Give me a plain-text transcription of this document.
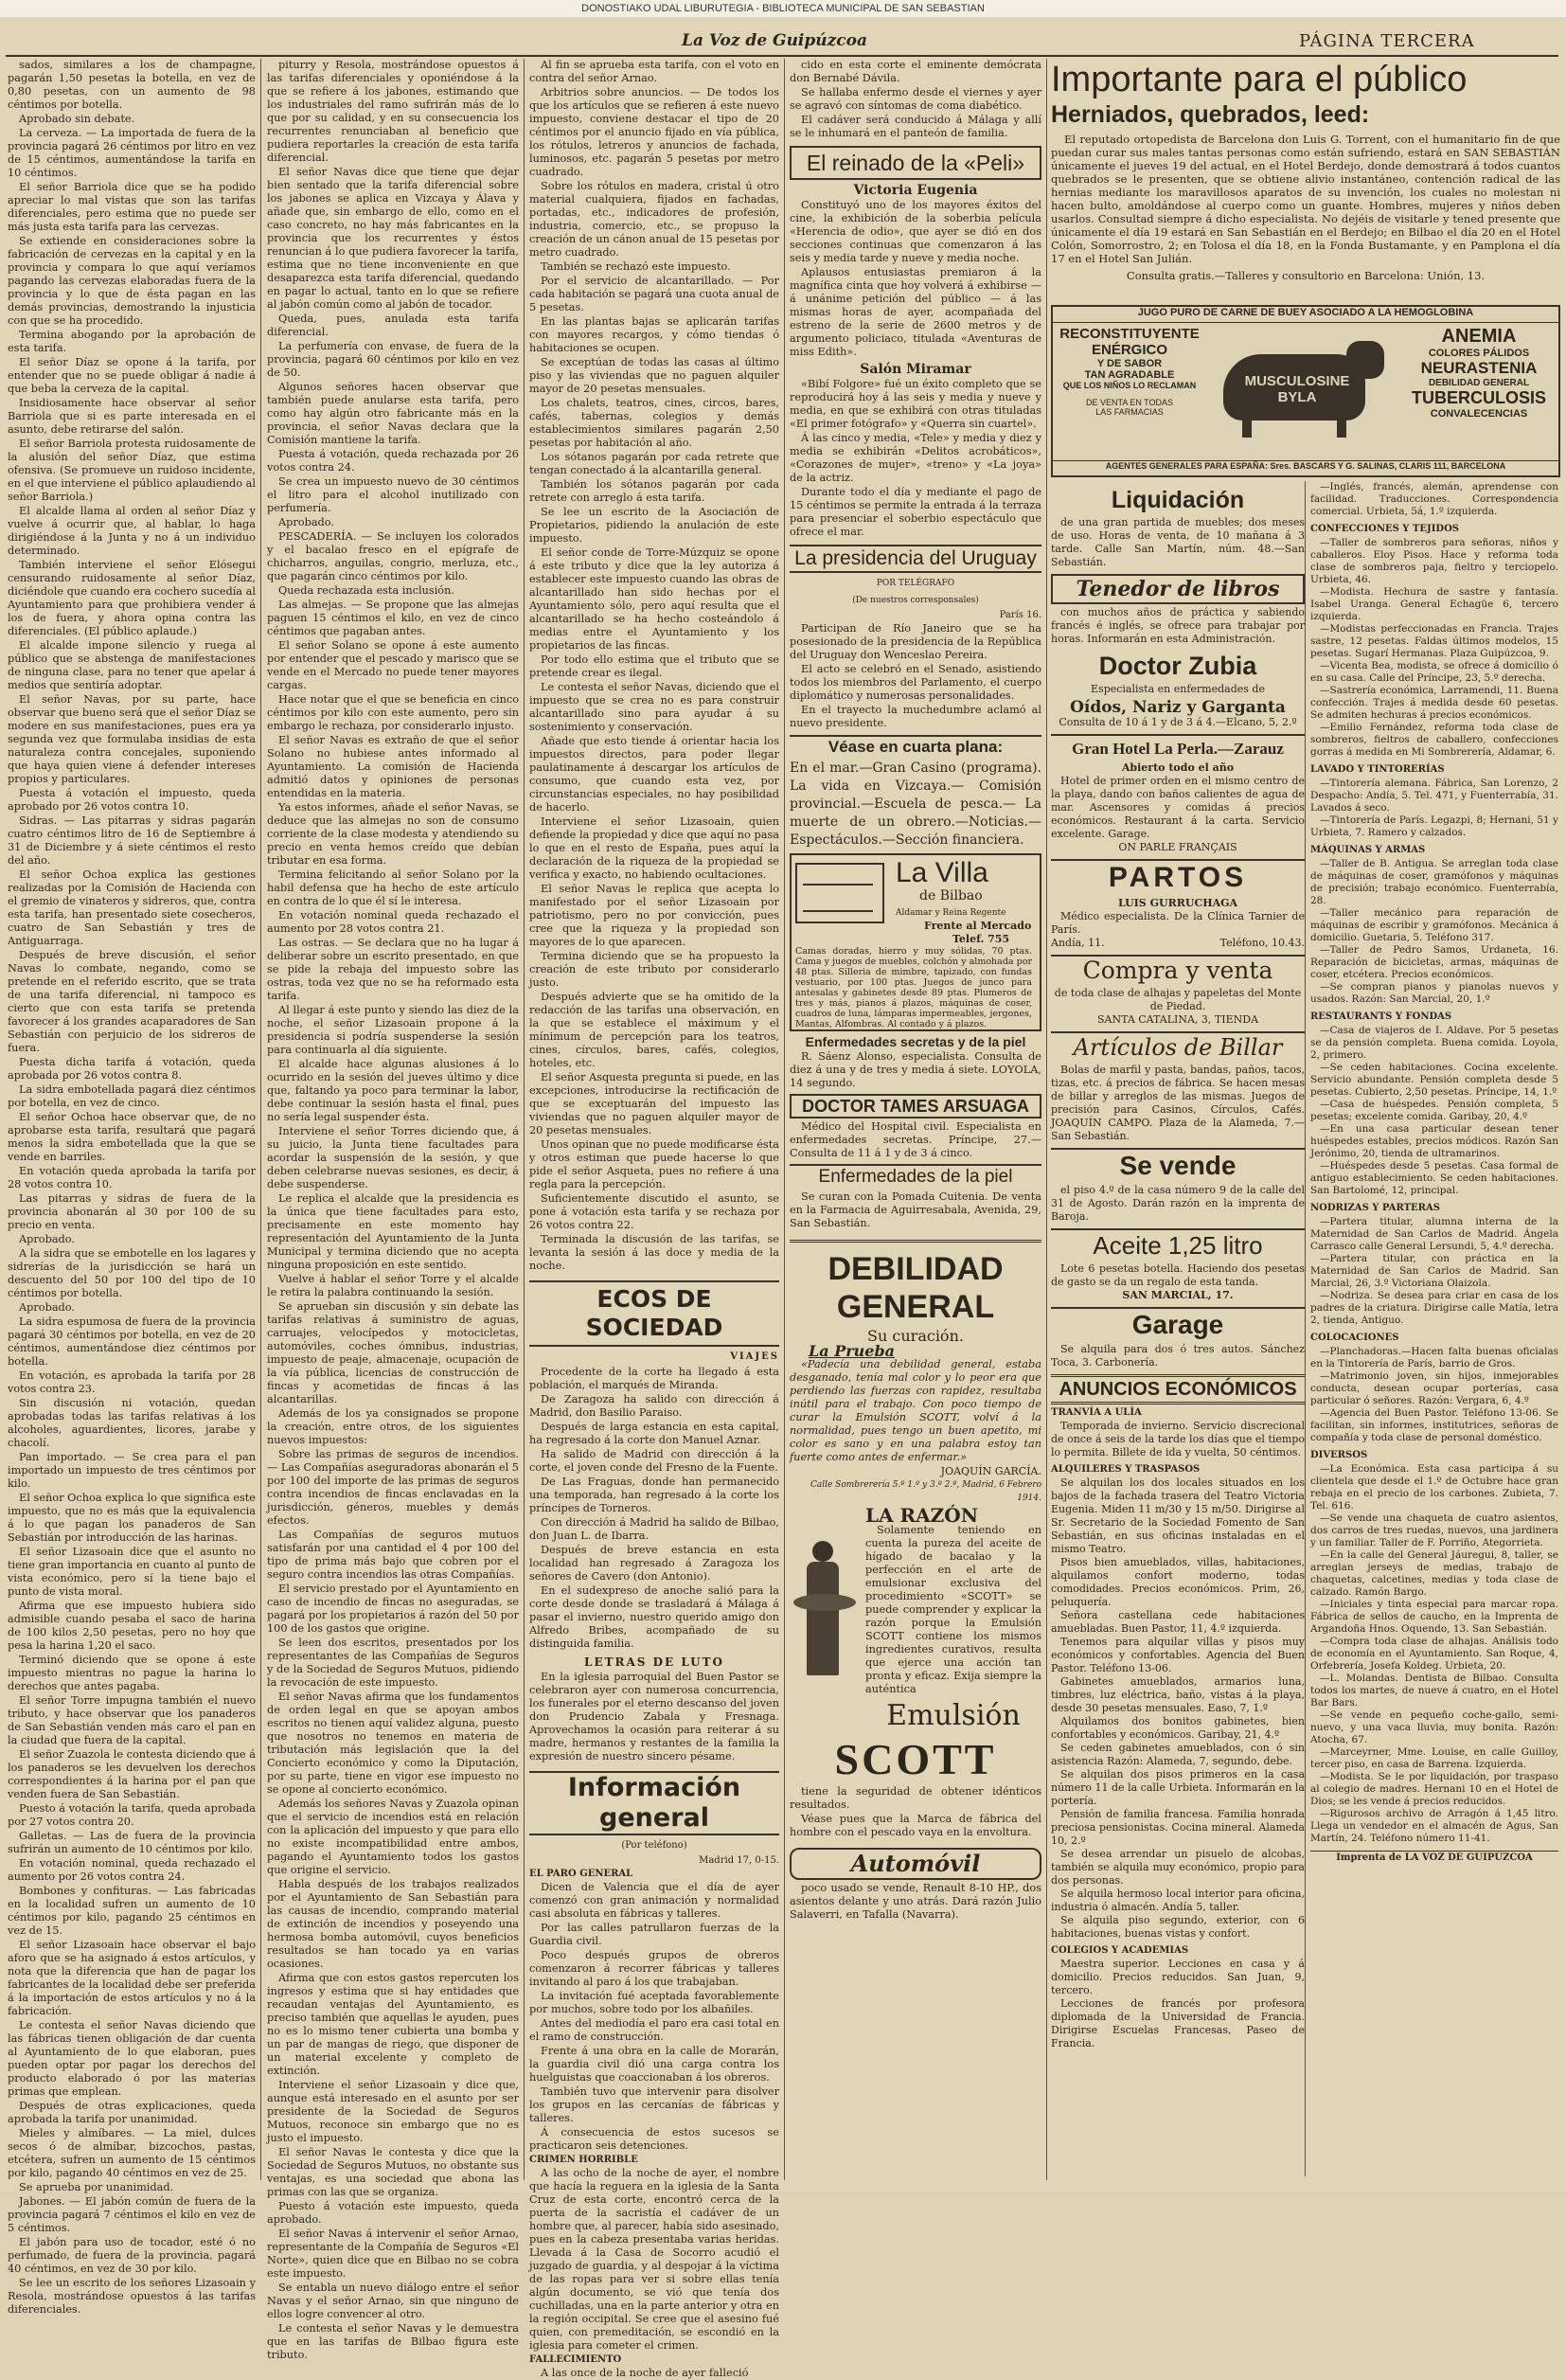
DONOSTIAKO UDAL LIBURUTEGIA - BIBLIOTECA MUNICIPAL DE SAN SEBASTIAN
La Voz de Guipúzcoa	PÁGINA TERCERA

sados, similares a los de champagne, pagarán 1,50 pesetas la botella, en vez de 0,80 pesetas, con un aumento de 98 céntimos por botella.

Aprobado sin debate.

La cerveza. — La importada de fuera de la provincia pagará 26 céntimos por litro en vez de 15 céntimos, aumentándose la tarifa en 10 céntimos.

El señor Barriola dice que se ha podido apreciar lo mal vistas que son las tarifas diferenciales, pero estima que no puede ser más justa esta tarifa para las cervezas.

Se extiende en consideraciones sobre la fabricación de cervezas en la capital y en la provincia y compara lo que aquí veríamos pagando las cervezas elaboradas fuera de la provincia y lo que de ésta pagan en las demás provincias, demostrando la injusticia con que se ha procedido.

Termina abogando por la aprobación de esta tarifa.

El señor Díaz se opone á la tarifa, por entender que no se puede obligar á nadie á que beba la cerveza de la capital.

Insidiosamente hace observar al señor Barriola que si es parte interesada en el asunto, debe retirarse del salón.

El señor Barriola protesta ruidosamente de la alusión del señor Díaz, que estima ofensiva. (Se promueve un ruidoso incidente, en el que interviene el público aplaudiendo al señor Barriola.)

El alcalde llama al orden al señor Díaz y vuelve á ocurrir que, al hablar, lo haga dirigiéndose á la Junta y no á un individuo determinado.

También interviene el señor Elósegui censurando ruidosamente al señor Díaz, diciéndole que cuando era cochero sucedía al Ayuntamiento para que prohibiera vender á los de fuera, y ahora opina contra las diferenciales. (El público aplaude.)

El alcalde impone silencio y ruega al público que se abstenga de manifestaciones de ninguna clase, para no tener que apelar á medios que sentiría adoptar.

El señor Navas, por su parte, hace observar que bueno será que el señor Díaz se modere en sus manifestaciones, pues era ya segunda vez que formulaba insidias de esta naturaleza contra concejales, suponiendo que haya quien viene á defender intereses propios y particulares.

Puesta á votación el impuesto, queda aprobado por 26 votos contra 10.

Sidras. — Las pitarras y sidras pagarán cuatro céntimos litro de 16 de Septiembre á 31 de Diciembre y á siete céntimos el resto del año.

El señor Ochoa explica las gestiones realizadas por la Comisión de Hacienda con el gremio de vinateros y sidreros, que, contra esta tarifa, han presentado siete cosecheros, cuatro de San Sebastián y tres de Antiguarraga.

Después de breve discusión, el señor Navas lo combate, negando, como se pretende en el referido escrito, que se trata de una tarifa diferencial, ni tampoco es cierto que con esta tarifa se pretenda favorecer á los grandes acaparadores de San Sebastián con perjuicio de los sidreros de fuera.

Puesta dicha tarifa á votación, queda aprobada por 26 votos contra 8.

La sidra embotellada pagará diez céntimos por botella, en vez de cinco.

El señor Ochoa hace observar que, de no aprobarse esta tarifa, resultará que pagará menos la sidra embotellada que la que se vende en barriles.

En votación queda aprobada la tarifa por 28 votos contra 10.

Las pitarras y sidras de fuera de la provincia abonarán al 30 por 100 de su precio en venta.

Aprobado.

A la sidra que se embotelle en los lagares y sidrerías de la jurisdicción se hará un descuento del 50 por 100 del tipo de 10 céntimos por botella.

Aprobado.

La sidra espumosa de fuera de la provincia pagará 30 céntimos por botella, en vez de 20 céntimos, aumentándose diez céntimos por botella.

En votación, es aprobada la tarifa por 28 votos contra 23.

Sin discusión ni votación, quedan aprobadas todas las tarifas relativas á los alcoholes, aguardientes, licores, jarabe y chacolí.

Pan importado. — Se crea para el pan importado un impuesto de tres céntimos por kilo.

El señor Ochoa explica lo que significa este impuesto, que no es más que la equivalencia á lo que pagan los panaderos de San Sebastián por introducción de las harinas.

El señor Lizasoain dice que el asunto no tiene gran importancia en cuanto al punto de vista económico, pero sí la tiene bajo el punto de vista moral.

Afirma que ese impuesto hubiera sido admisible cuando pesaba el saco de harina de 100 kilos 2,50 pesetas, pero no hoy que pesa la harina 1,20 el saco.

Terminó diciendo que se opone á este impuesto mientras no pague la harina lo derechos que antes pagaba.

El señor Torre impugna también el nuevo tributo, y hace observar que los panaderos de San Sebastián venden más caro el pan en la ciudad que fuera de la capital.

El señor Zuazola le contesta diciendo que á los panaderos se les devuelven los derechos correspondientes á la harina por el pan que venden fuera de San Sebastián.

Puesto á votación la tarifa, queda aprobada por 27 votos contra 20.

Galletas. — Las de fuera de la provincia sufrirán un aumento de 10 céntimos por kilo.

En votación nominal, queda rechazado el aumento por 26 votos contra 24.

Bombones y confituras. — Las fabricadas en la localidad sufren un aumento de 10 céntimos por kilo, pagando 25 céntimos en vez de 15.

El señor Lizasoain hace observar el bajo aforo que se ha asignado á estos artículos, y nota que la diferencia que han de pagar los fabricantes de la localidad debe ser preferida á la importación de estos artículos y no á la fabricación.

Le contesta el señor Navas diciendo que las fábricas tienen obligación de dar cuenta al Ayuntamiento de lo que elaboran, pues pueden optar por pagar los derechos del producto elaborado ó por las materias primas que emplean.

Después de otras explicaciones, queda aprobada la tarifa por unanimidad.

Mieles y almíbares. — La miel, dulces secos ó de almíbar, bizcochos, pastas, etcétera, sufren un aumento de 15 céntimos por kilo, pagando 40 céntimos en vez de 25.

Se aprueba por unanimidad.

Jabones. — El jabón común de fuera de la provincia pagará 7 céntimos el kilo en vez de 5 céntimos.

El jabón para uso de tocador, esté ó no perfumado, de fuera de la provincia, pagará 40 céntimos, en vez de 30 por kilo.

Se lee un escrito de los señores Lizasoain y Resola, mostrándose opuestos á las tarifas diferenciales.

piturry y Resola, mostrándose opuestos á las tarifas diferenciales y oponiéndose á la que se refiere á los jabones, estimando que los industriales del ramo sufrirán más de lo que por su calidad, y en su consecuencia los recurrentes renunciaban al beneficio que pudiera reportarles la creación de esta tarifa diferencial.

El señor Navas dice que tiene que dejar bien sentado que la tarifa diferencial sobre los jabones se aplica en Vizcaya y Álava y añade que, sin embargo de ello, como en el caso concreto, no hay más fabricantes en la provincia que los recurrentes y éstos renuncian á lo que pudiera favorecer la tarifa, estima que no tiene inconveniente en que desaparezca esta tarifa diferencial, quedando en pagar lo actual, tanto en lo que se refiere al jabón común como al jabón de tocador.

Queda, pues, anulada esta tarifa diferencial.

La perfumería con envase, de fuera de la provincia, pagará 60 céntimos por kilo en vez de 50.

Algunos señores hacen observar que también puede anularse esta tarifa, pero como hay algún otro fabricante más en la provincia, el señor Navas declara que la Comisión mantiene la tarifa.

Puesta á votación, queda rechazada por 26 votos contra 24.

Se crea un impuesto nuevo de 30 céntimos el litro para el alcohol inutilizado con perfumería.

Aprobado.

PESCADERÍA. — Se incluyen los colorados y el bacalao fresco en el epígrafe de chicharros, anguilas, congrio, merluza, etc., que pagarán cinco céntimos por kilo.

Queda rechazada esta inclusión.

Las almejas. — Se propone que las almejas paguen 15 céntimos el kilo, en vez de cinco céntimos que pagaban antes.

El señor Solano se opone á este aumento por entender que el pescado y marisco que se vende en el Mercado no puede tener mayores cargas.

Hace notar que el que se beneficia en cinco céntimos por kilo con este aumento, pero sin embargo le rechaza, por considerarlo injusto.

El señor Navas es extraño de que el señor Solano no hubiese antes informado al Ayuntamiento. La comisión de Hacienda admitió datos y opiniones de personas entendidas en la materia.

Ya estos informes, añade el señor Navas, se deduce que las almejas no son de consumo corriente de la clase modesta y atendiendo su precio en venta hemos creído que debían tributar en esa forma.

Termina felicitando al señor Solano por la habil defensa que ha hecho de este artículo en contra de lo que él sí le interesa.

En votación nominal queda rechazado el aumento por 28 votos contra 21.

Las ostras. — Se declara que no ha lugar á deliberar sobre un escrito presentado, en que se pide la rebaja del impuesto sobre las ostras, toda vez que no se ha reformado esta tarifa.

Al llegar á este punto y siendo las diez de la noche, el señor Lizasoain propone á la presidencia si podría suspenderse la sesión para continuarla al día siguiente.

El alcalde hace algunas alusiones á lo ocurrido en la sesión del jueves último y dice que, faltando ya poco para terminar la labor, debe continuar la sesión hasta el final, pues no sería legal suspender ésta.

Interviene el señor Torres diciendo que, á su juicio, la Junta tiene facultades para acordar la suspensión de la sesión, y que deben celebrarse nuevas sesiones, es decir, á debe suspenderse.

Le replica el alcalde que la presidencia es la única que tiene facultades para esto, precisamente en este momento hay representación del Ayuntamiento de la Junta Municipal y termina diciendo que no acepta ninguna proposición en este sentido.

Vuelve á hablar el señor Torre y el alcalde le retira la palabra continuando la sesión.

Se aprueban sin discusión y sin debate las tarifas relativas á suministro de aguas, carruajes, velocípedos y motocicletas, automóviles, coches ómnibus, industrias, impuesto de peaje, almacenaje, ocupación de la vía pública, licencias de construcción de fincas y acometidas de fincas á las alcantarillas.

Además de los ya consignados se propone la creación, entre otros, de los siguientes nuevos impuestos:

Sobre las primas de seguros de incendios. — Las Compañías aseguradoras abonarán el 5 por 100 del importe de las primas de seguros contra incendios de fincas enclavadas en la jurisdicción, géneros, muebles y demás efectos.

Las Compañías de seguros mutuos satisfarán por una cantidad el 4 por 100 del tipo de prima más bajo que cobren por el seguro contra incendios las otras Compañías.

El servicio prestado por el Ayuntamiento en caso de incendio de fincas no aseguradas, se pagará por los propietarios á razón del 50 por 100 de los gastos que origine.

Se leen dos escritos, presentados por los representantes de las Compañías de Seguros y de la Sociedad de Seguros Mutuos, pidiendo la revocación de este impuesto.

El señor Navas afirma que los fundamentos de orden legal en que se apoyan ambos escritos no tienen aquí validez alguna, puesto que nosotros no tenemos en materia de tributación más legislación que la del Concierto económico y como la Diputación, por su parte, tiene en vigor ese impuesto no se opone al concierto económico.

Además los señores Navas y Zuazola opinan que el servicio de incendios está en relación con la aplicación del impuesto y que para ello no existe incompatibilidad entre ambos, pagando el Ayuntamiento todos los gastos que origine el servicio.

Habla después de los trabajos realizados por el Ayuntamiento de San Sebastián para las causas de incendio, comprando material de extinción de incendios y poseyendo una hermosa bomba automóvil, cuyos beneficios resultados se han tocado ya en varias ocasiones.

Afirma que con estos gastos repercuten los ingresos y estima que si hay entidades que recaudan ventajas del Ayuntamiento, es preciso también que aquellas le ayuden, pues no es lo mismo tener cubierta una bomba y un par de mangas de riego, que disponer de un material excelente y completo de extinción.

Interviene el señor Lizasoain y dice que, aunque está interesado en el asunto por ser presidente de la Sociedad de Seguros Mutuos, reconoce sin embargo que no es justo el impuesto.

El señor Navas le contesta y dice que la Sociedad de Seguros Mutuos, no obstante sus ventajas, es una sociedad que abona las primas con las que se organiza.

Puesto á votación este impuesto, queda aprobado.

El señor Navas á intervenir el señor Arnao, representante de la Compañía de Seguros «El Norte», quien dice que en Bilbao no se cobra este impuesto.

Se entabla un nuevo diálogo entre el señor Navas y el señor Arnao, sin que ninguno de ellos logre convencer al otro.

Le contesta el señor Navas y le demuestra que en las tarifas de Bilbao figura este tributo.

Al fin se aprueba esta tarifa, con el voto en contra del señor Arnao.

Arbitrios sobre anuncios. — De todos los que los artículos que se refieren á este nuevo impuesto, conviene destacar el tipo de 20 céntimos por el anuncio fijado en vía pública, los rótulos, letreros y anuncios de fachada, luminosos, etc. pagarán 5 pesetas por metro cuadrado.

Sobre los rótulos en madera, cristal ú otro material cualquiera, fijados en fachadas, portadas, etc., indicadores de profesión, industria, comercio, etc., se propuso la creación de un cánon anual de 15 pesetas por metro cuadrado.

También se rechazó este impuesto.

Por el servicio de alcantarillado. — Por cada habitación se pagará una cuota anual de 5 pesetas.

En las plantas bajas se aplicarán tarifas con mayores recargos, y cómo tiendas ó habitaciones se ocupen.

Se exceptúan de todas las casas al último piso y las viviendas que no paguen alquiler mayor de 20 pesetas mensuales.

Los chalets, teatros, cines, circos, bares, cafés, tabernas, colegios y demás establecimientos similares pagarán 2,50 pesetas por habitación al año.

Los sótanos pagarán por cada retrete que tengan conectado á la alcantarilla general.

También los sótanos pagarán por cada retrete con arreglo á esta tarifa.

Se lee un escrito de la Asociación de Propietarios, pidiendo la anulación de este impuesto.

El señor conde de Torre-Múzquiz se opone á este tributo y dice que la ley autoriza á establecer este impuesto cuando las obras de alcantarillado han sido hechas por el Ayuntamiento sólo, pero aquí resulta que el alcantarillado se ha hecho costeándolo á medias entre el Ayuntamiento y los propietarios de las fincas.

Por todo ello estima que el tributo que se pretende crear es ilegal.

Le contesta el señor Navas, diciendo que el impuesto que se crea no es para construir alcantarillado sino para ayudar á su sostenimiento y conservación.

Añade que esto tiende á orientar hacia los impuestos directos, para poder llegar paulatinamente á descargar los artículos de consumo, que cuando esta vez, por circunstancias especiales, no hay posibilidad de hacerlo.

Interviene el señor Lizasoain, quien defiende la propiedad y dice que aquí no pasa lo que en el resto de España, pues aquí la declaración de la riqueza de la propiedad se verifica y exacto, no habiendo ocultaciones.

El señor Navas le replica que acepta lo manifestado por el señor Lizasoain por patriotismo, pero no por convicción, pues cree que la riqueza y la propiedad son mayores de lo que aparecen.

Termina diciendo que se ha propuesto la creación de este tributo por considerarlo justo.

Después advierte que se ha omitido de la redacción de las tarifas una observación, en la que se establece el máximum y el mínimum de percepción para los teatros, cines, círculos, bares, cafés, colegios, hoteles, etc.

El señor Asquesta pregunta si puede, en las excepciones, introducirse la rectificación de que se exceptuarán del impuesto las viviendas que no paguen alquiler mayor de 20 pesetas mensuales.

Unos opinan que no puede modificarse ésta y otros estiman que puede hacerse lo que pide el señor Asqueta, pues no refiere á una regla para la percepción.

Suficientemente discutido el asunto, se pone á votación esta tarifa y se rechaza por 26 votos contra 22.

Terminada la discusión de las tarifas, se levanta la sesión á las doce y media de la noche.

ECOS DE SOCIEDAD
VIAJES

Procedente de la corte ha llegado á esta población, el marqués de Miranda.

De Zaragoza ha salido con dirección á Madrid, don Basilio Paraiso.

Después de larga estancia en esta capital, ha regresado á la corte don Manuel Aznar.

Ha salido de Madrid con dirección á la corte, el joven conde del Fresno de la Fuente.

De Las Fraguas, donde han permanecido una temporada, han regresado á la corte los príncipes de Torneros.

Con dirección á Madrid ha salido de Bilbao, don Juan L. de Ibarra.

Después de breve estancia en esta localidad han regresado á Zaragoza los señores de Cavero (don Antonio).

En el sudexpreso de anoche salió para la corte desde donde se trasladará á Málaga á pasar el invierno, nuestro querido amigo don Alfredo Bribes, acompañado de su distinguida familia.

LETRAS DE LUTO

En la iglesia parroquial del Buen Pastor se celebraron ayer con numerosa concurrencia, los funerales por el eterno descanso del joven don Prudencio Zabala y Fresnaga. Aprovechamos la ocasión para reiterar á su madre, hermanos y restantes de la familia la expresión de nuestro sincero pésame.

Información general
(Por teléfono)
Madrid 17, 0-15.
EL PARO GENERAL

Dicen de Valencia que el día de ayer comenzó con gran animación y normalidad casi absoluta en fábricas y talleres.

Por las calles patrullaron fuerzas de la Guardia civil.

Poco después grupos de obreros comenzaron á recorrer fábricas y talleres invitando al paro á los que trabajaban.

La invitación fué aceptada favorablemente por muchos, sobre todo por los albañiles.

Antes del mediodía el paro era casi total en el ramo de construcción.

Frente á una obra en la calle de Morarán, la guardia civil dió una carga contra los huelguistas que coaccionaban á los obreros.

También tuvo que intervenir para disolver los grupos en las cercanías de fábricas y talleres.

Á consecuencia de estos sucesos se practicaron seis detenciones.

CRIMEN HORRIBLE

A las ocho de la noche de ayer, el nombre que hacía la reguera en la iglesia de la Santa Cruz de esta corte, encontró cerca de la puerta de la sacristía el cadáver de un hombre que, al parecer, había sido asesinado, pues en la cabeza presentaba varias heridas. Llevada á la Casa de Socorro acudió el juzgado de guardia, y al despojar á la víctima de las ropas para ver si sobre ellas tenía algún documento, se vió que tenía dos cuchilladas, una en la parte anterior y otra en la región occipital. Se cree que el asesino fué quien, con premeditación, se escondió en la iglesia para cometer el crimen.

FALLECIMIENTO

A las once de la noche de ayer falleció

cido en esta corte el eminente demócrata don Bernabé Dávila.

Se hallaba enfermo desde el viernes y ayer se agravó con síntomas de coma diabético.

El cadáver será conducido á Málaga y allí se le inhumará en el panteón de familia.

El reinado de la «Peli»
Victoria Eugenia

Constituyó uno de los mayores éxitos del cine, la exhibición de la soberbia película «Herencia de odio», que ayer se dió en dos secciones continuas que comenzaron á las seis y media tarde y nueve y media noche.

Aplausos entusiastas premiaron á la magnífica cinta que hoy volverá á exhibirse — á unánime petición del público — á las mismas horas de ayer, acompañada del estreno de la serie de 2600 metros y de argumento policiaco, titulada «Aventuras de miss Edith».

Salón Miramar

«Bibí Folgore» fué un éxito completo que se reproducirá hoy á las seis y media y nueve y media, en que se exhibirá con otras tituladas «El primer fotógrafo» y «Querra sin cuartel».

Á las cinco y media, «Tele» y media y diez y media se exhibirán «Delitos acrobáticos», «Corazones de mujer», «treno» y «La joya» de la actriz.

Durante todo el día y mediante el pago de 15 céntimos se permite la entrada á la terraza para presenciar el soberbio espectáculo que ofrece el mar.

La presidencia del Uruguay
POR TELÉGRAFO
(De nuestros corresponsales)
París 16.

Participan de Río Janeiro que se ha posesionado de la presidencia de la República del Uruguay don Wenceslao Pereira.

El acto se celebró en el Senado, asistiendo todos los miembros del Parlamento, el cuerpo diplomático y numerosas personalidades.

En el trayecto la muchedumbre aclamó al nuevo presidente.

Véase en cuarta plana:
En el mar.—Gran Casino (programa). La vida en Vizcaya.— Comisión provincial.—Escuela de pesca.— La muerte de un obrero.—Noticias.— Espectáculos.—Sección financiera.
La Villa
de Bilbao
Aldamar y Reina Regente
Frente al Mercado
Telef. 755
Camas doradas, hierro y muy sólidas, 70 ptas. Cama y juegos de muebles, colchón y almohada por 48 ptas. Silleria de mimbre, tapizado, con fundas vestuario, por 100 ptas. Juegos de junco para antesalas y gabinetes desde 89 ptas. Plumeros de tres y más, pianos á plazos, máquinas de coser, cuadros de luna, lámparas impermeables, jergones, Mantas, Alfombras. Al contado y á plazos.
Enfermedades secretas y de la piel

R. Sáenz Alonso, especialista. Consulta de diez á una y de tres y media á siete. LOYOLA, 14 segundo.

DOCTOR TAMES ARSUAGA

Médico del Hospital civil. Especialista en enfermedades secretas. Príncipe, 27.—Consulta de 11 á 1 y de 3 á cinco.

Enfermedades de la piel

Se curan con la Pomada Cuitenia. De venta en la Farmacia de Aguirresabala, Avenida, 29, San Sebastián.

DEBILIDAD GENERAL
Su curación.
La Prueba

«Padecía una debilidad general, estaba desganado, tenía mal color y lo peor era que perdiendo las fuerzas con rapidez, resultaba inútil para el trabajo. Con poco tiempo de curar la Emulsión SCOTT, volví á la normalidad, pues tengo un buen apetito, mi color es sano y en una palabra estoy tan fuerte como antes de enfermar.»

JOAQUÍN GARCÍA.
Calle Sombrerería 5.º 1.º y 3.º 2.º, Madrid, 6 Febrero 1914.
LA RAZÓN

Solamente teniendo en cuenta la pureza del aceite de hígado de bacalao y la perfección en el arte de emulsionar exclusiva del procedimiento «SCOTT» se puede comprender y explicar la razón porque la Emulsión SCOTT contiene los mismos ingredientes curativos, resulta que ejerce una acción tan pronta y eficaz. Exija siempre la auténtica

Emulsión
SCOTT

tiene la seguridad de obtener idénticos resultados.

Véase pues que la Marca de fábrica del hombre con el pescado vaya en la envoltura.

Automóvil

poco usado se vende, Renault 8-10 HP., dos asientos delante y uno atrás. Dará razón Julio Salaverri, en Tafalla (Navarra).

Importante para el público
Herniados, quebrados, leed:

El reputado ortopedista de Barcelona don Luis G. Torrent, con el humanitario fin de que puedan curar sus males tantas personas como están sufriendo, estará en SAN SEBASTIÁN únicamente el jueves 19 del actual, en el Hotel Berdejo, donde demostrará á todos cuantos quebrados se le presenten, que se obtiene alivio instantáneo, contención radical de las hernias mediante los maravillosos aparatos de su invención, los cuales no molestan ni hacen bulto, amoldándose al cuerpo como un guante. Hombres, mujeres y niños deben usarlos. Consultad siempre á dicho especialista. No dejéis de visitarle y tened presente que únicamente el día 19 estará en San Sebastián en el Berdejo; en Bilbao el día 20 en el Hotel Colón, Somorrostro, 2; en Tolosa el día 18, en la Fonda Bustamante, y en Pamplona el día 17 en el Hotel San Julián.

Consulta gratis.—Talleres y consultorio en Barcelona: Unión, 13.
JUGO PURO DE CARNE DE BUEY ASOCIADO A LA HEMOGLOBINA
RECONSTITUYENTE
ENÉRGICO
Y DE SABOR
TAN AGRADABLE
QUE LOS NIÑOS LO RECLAMAN
DE VENTA EN TODAS
LAS FARMACIAS
MUSCULOSINE BYLA
ANEMIA
COLORES PÁLIDOS
NEURASTENIA
DEBILIDAD GENERAL
TUBERCULOSIS
CONVALECENCIAS
AGENTES GENERALES PARA ESPAÑA: Sres. BASCARS Y G. SALINAS, CLARIS 111, BARCELONA
Liquidación

de una gran partida de muebles; dos meses de uso. Horas de venta, de 10 mañana á 3 tarde. Calle San Martín, núm. 48.—San Sebastián.

Tenedor de libros

con muchos años de práctica y sabiendo francés é inglés, se ofrece para trabajar por horas. Informarán en esta Administración.

Doctor Zubia
Especialista en enfermedades de
Oídos, Nariz y Garganta
Consulta de 10 á 1 y de 3 á 4.—Elcano, 5, 2.º
Gran Hotel La Perla.—Zarauz
Abierto todo el año

Hotel de primer orden en el mismo centro de la playa, dando con baños calientes de agua de mar. Ascensores y comidas á precios económicos. Restaurant á la carta. Servicio excelente. Garage.

ON PARLE FRANÇAIS
PARTOS
LUIS GURRUCHAGA

Médico especialista. De la Clínica Tarnier de París.

Andía, 11.	Teléfono, 10.43.
Compra y venta
de toda clase de alhajas y papeletas del Monte de Piedad.
SANTA CATALINA, 3, TIENDA
Artículos de Billar

Bolas de marfil y pasta, bandas, paños, tacos, tizas, etc. á precios de fábrica. Se hacen mesas de billar y arreglos de las mismas. Juegos de precisión para Casinos, Círculos, Cafés. JOAQUÍN CAMPO. Plaza de la Alameda, 7.—San Sebastián.

Se vende

el piso 4.º de la casa número 9 de la calle del 31 de Agosto. Darán razón en la imprenta de Baroja.

Aceite 1,25 litro

Lote 6 pesetas botella. Haciendo dos pesetas de gasto se da un regalo de esta tanda.

SAN MARCIAL, 17.
Garage

Se alquila para dos ó tres autos. Sánchez Toca, 3. Carbonería.

ANUNCIOS ECONÓMICOS
TRANVÍA A ULÍA

Temporada de invierno. Servicio discrecional de once á seis de la tarde los días que el tiempo lo permita. Billete de ida y vuelta, 50 céntimos.

ALQUILERES Y TRASPASOS

Se alquilan los dos locales situados en los bajos de la fachada trasera del Teatro Victoria Eugenia. Miden 11 m/30 y 15 m/50. Dirigirse al Sr. Secretario de la Sociedad Fomento de San Sebastián, en sus oficinas instaladas en el mismo Teatro.

Pisos bien amueblados, villas, habitaciones, alquilamos confort moderno, todas comodidades. Precios económicos. Prim, 26, peluquería.

Señora castellana cede habitaciones amuebladas. Buen Pastor, 11, 4.º izquierda.

Tenemos para alquilar villas y pisos muy económicos y confortables. Agencia del Buen Pastor. Teléfono 13-06.

Gabinetes amueblados, armarios luna, timbres, luz eléctrica, baño, vistas á la playa, desde 30 pesetas mensuales. Easo, 7, 1.º

Alquilamos dos bonitos gabinetes, bien confortables y económicos. Garibay, 21, 4.º

Se ceden gabinetes amueblados, con ó sin asistencia Razón: Alameda, 7, segundo, debe.

Se alquilan dos pisos primeros en la casa número 11 de la calle Urbieta. Informarán en la portería.

Pensión de familia francesa. Familia honrada preciosa pensionistas. Cocina mineral. Alameda 10, 2.º

Se desea arrendar un pisuelo de alcobas, también se alquila muy económico, propio para dos personas.

Se alquila hermoso local interior para oficina, industria ó almacén. Andía 5, taller.

Se alquila piso segundo, exterior, con 6 habitaciones, buenas vistas y confort.

COLEGIOS Y ACADEMIAS

Maestra superior. Lecciones en casa y á domicilio. Precios reducidos. San Juan, 9, tercero.

Lecciones de francés por profesora diplomada de la Universidad de Francia. Dirigirse Escuelas Francesas, Paseo de Francia.

—Inglés, francés, alemán, aprendense con facilidad. Traducciones. Correspondencia comercial. Urbieta, 5á, 1.º izquierda.

CONFECCIONES Y TEJIDOS

—Taller de sombreros para señoras, niños y caballeros. Eloy Pisos. Hace y reforma toda clase de sombreros paja, fieltro y terciopelo. Urbieta, 46.

—Modista. Hechura de sastre y fantasía. Isabel Uranga. General Echagüe 6, tercero izquierda.

—Modistas perfeccionadas en Francia. Trajes sastre, 12 pesetas. Faldas últimos modelos, 15 pesetas. Sugarí Hermanas. Plaza Guipúzcoa, 9.

—Vicenta Bea, modista, se ofrece á domicilio ó en su casa. Calle del Príncipe, 23, 5.º derecha.

—Sastrería económica, Larramendi, 11. Buena confección. Trajes á medida desde 60 pesetas. Se admiten hechuras á precios económicos.

—Emilio Fernández, reforma toda clase de sombreros, fieltros de caballero, confecciones gorras á medida en Mi Sombrerería, Aldamar, 6.

LAVADO Y TINTORERÍAS

—Tintorería alemana. Fábrica, San Lorenzo, 2 Despacho: Andía, 5. Tel. 471, y Fuenterrabía, 31. Lavados á seco.

—Tintorería de París. Legazpi, 8; Hernani, 51 y Urbieta, 7. Ramero y calzados.

MÁQUINAS Y ARMAS

—Taller de B. Antigua. Se arreglan toda clase de máquinas de coser, gramófonos y máquinas de precisión; trabajo económico. Fuenterrabía, 28.

—Taller mecánico para reparación de máquinas de escribir y gramófonos. Mecánica á domicilio. Guetaria, 5. Teléfono 317.

—Taller de Pedro Samos, Urdaneta, 16. Reparación de bicicletas, armas, máquinas de coser, etcétera. Precios económicos.

—Se compran pianos y pianolas nuevos y usados. Razón: San Marcial, 20, 1.º

RESTAURANTS Y FONDAS

—Casa de viajeros de I. Aldave. Por 5 pesetas se da pensión completa. Buena comida. Loyola, 2, primero.

—Se ceden habitaciones. Cocina excelente. Servicio abundante. Pensión completa desde 5 pesetas. Cubierto, 2,50 pesetas. Príncipe, 14, 1.º

—Casa de huéspedes. Pensión completa, 5 pesetas; excelente comida. Garibay, 20, 4.º

—En una casa particular desean tener huéspedes estables, precios módicos. Razón San Jerónimo, 20, tienda de ultramarinos.

—Huéspedes desde 5 pesetas. Casa formal de antiguo establecimiento. Se ceden habitaciones. San Bartolomé, 12, principal.

NODRIZAS Y PARTERAS

—Partera titular, alumna interna de la Maternidad de San Carlos de Madrid. Ángela Carrasco calle General Lersundi, 5, 4.º derecha.

—Partera titular, con práctica en la Maternidad de San Carlos de Madrid. San Marcial, 26, 3.º Victoriana Olaizola.

—Nodriza. Se desea para criar en casa de los padres de la criatura. Dirigirse calle Matía, letra 2, tienda, Antiguo.

COLOCACIONES

—Planchadoras.—Hacen falta buenas oficialas en la Tintorería de París, barrio de Gros.

—Matrimonio joven, sin hijos, inmejorables conducta, desean ocupar porterías, casa particular ó señores. Razón: Vergara, 6, 4.º

—Agencia del Buen Pastor. Teléfono 13-06. Se facilitan, sin informes, institutrices, señoras de compañía y toda clase de personal doméstico.

DIVERSOS

—La Económica. Esta casa participa á su clientela que desde el 1.º de Octubre hace gran rebaja en el precio de los carbones. Zubieta, 7. Tel. 616.

—Se vende una chaqueta de cuatro asientos, dos carros de tres ruedas, nuevos, una jardinera y un familiar. Taller de F. Porriño, Ategorrieta.

—En la calle del General Jáuregui, 8, taller, se arreglan jerseys de medias, trabajo de chaquetas, calcetines, medias y toda clase de calzado. Ramón Bargo.

—Iniciales y tinta especial para marcar ropa. Fábrica de sellos de caucho, en la Imprenta de Argandoña Hnos. Oquendo, 13. San Sebastián.

—Compra toda clase de alhajas. Análisis todo de economía en el Ayuntamiento. San Roque, 4, Orfebrería, Josefa Koldeg. Urbieta, 20.

—L. Molandas. Dentista de Bilbao. Consulta todos los martes, de nueve á cuatro, en el Hotel Bar Bars.

—Se vende en pequeño coche-gallo, semi-nuevo, y una vaca lluvia, muy bonita. Razón: Atocha, 67.

—Marceyrner, Mme. Louise, en calle Guilloy, tercer piso, en casa de Barrena. Izquierda.

—Modista. Se le por liquidación, por traspaso al colegio de madres. Hernani 10 en el Hotel de Dios; se les vende á precios reducidos.

—Rigurosos archivo de Arragón á 1,45 litro. Llega un vendedor en el almacén de Agus, San Martín, 24. Teléfono número 11-41.

Imprenta de LA VOZ DE GUIPÚZCOA
